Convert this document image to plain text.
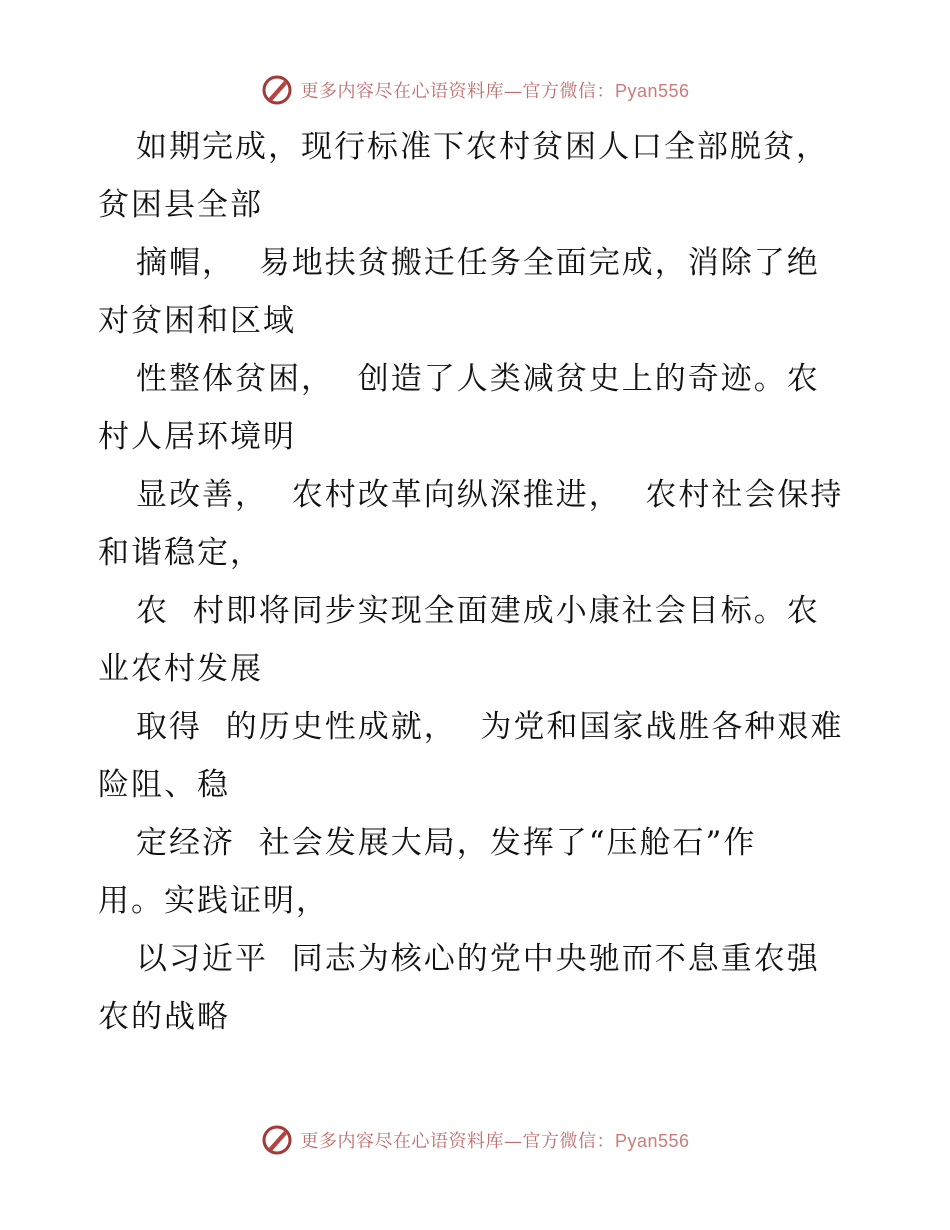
更多内容尽在心语资料库—官方微信：Pyan556
如期完成，现行标准下农村贫困人口全部脱贫，
贫困县全部
摘帽，  易地扶贫搬迁任务全面完成，消除了绝
对贫困和区域
性整体贫困，  创造了人类减贫史上的奇迹。农
村人居环境明
显改善，  农村改革向纵深推进，  农村社会保持
和谐稳定，
农  村即将同步实现全面建成小康社会目标。农
业农村发展
取得  的历史性成就，  为党和国家战胜各种艰难
险阻、稳
定经济  社会发展大局，发挥了“压舱石”作
用。实践证明，
以习近平  同志为核心的党中央驰而不息重农强
农的战略
更多内容尽在心语资料库—官方微信：Pyan556
